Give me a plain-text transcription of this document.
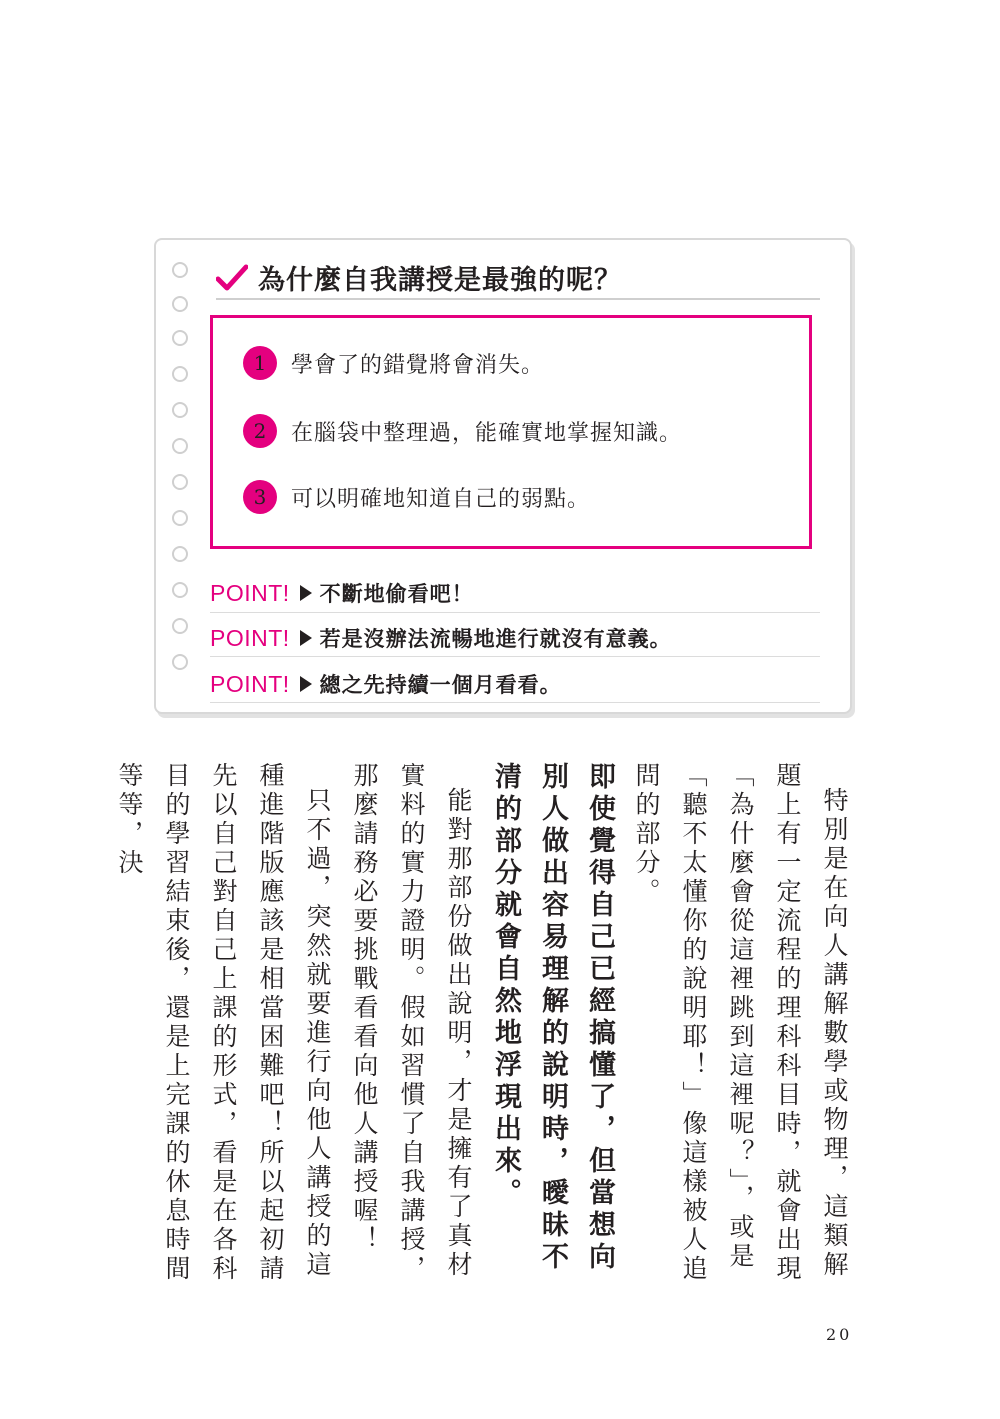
為什麼自我講授是最強的呢？
1	學會了的錯覺將會消失。
2	在腦袋中整理過，能確實地掌握知識。
3	可以明確地知道自己的弱點。
POINT! 不斷地偷看吧！
POINT! 若是沒辦法流暢地進行就沒有意義。
POINT! 總之先持續一個月看看。

特別是在向人講解數學或物理，這類解題上有一定流程的理科科目時，就會出現「為什麼會從這裡跳到這裡呢？」，或是「聽不太懂你的說明耶！」像這樣被人追問的部分。

即使覺得自己已經搞懂了，但當想向別人做出容易理解的說明時，曖昧不清的部分就會自然地浮現出來。

能對那部份做出說明，才是擁有了真材實料的實力證明。假如習慣了自我講授，那麼請務必要挑戰看看向他人講授喔！

只不過，突然就要進行向他人講授的這種進階版應該是相當困難吧！所以起初請先以自己對自己上課的形式，看是在各科目的學習結束後，還是上完課的休息時間等等，決

20
